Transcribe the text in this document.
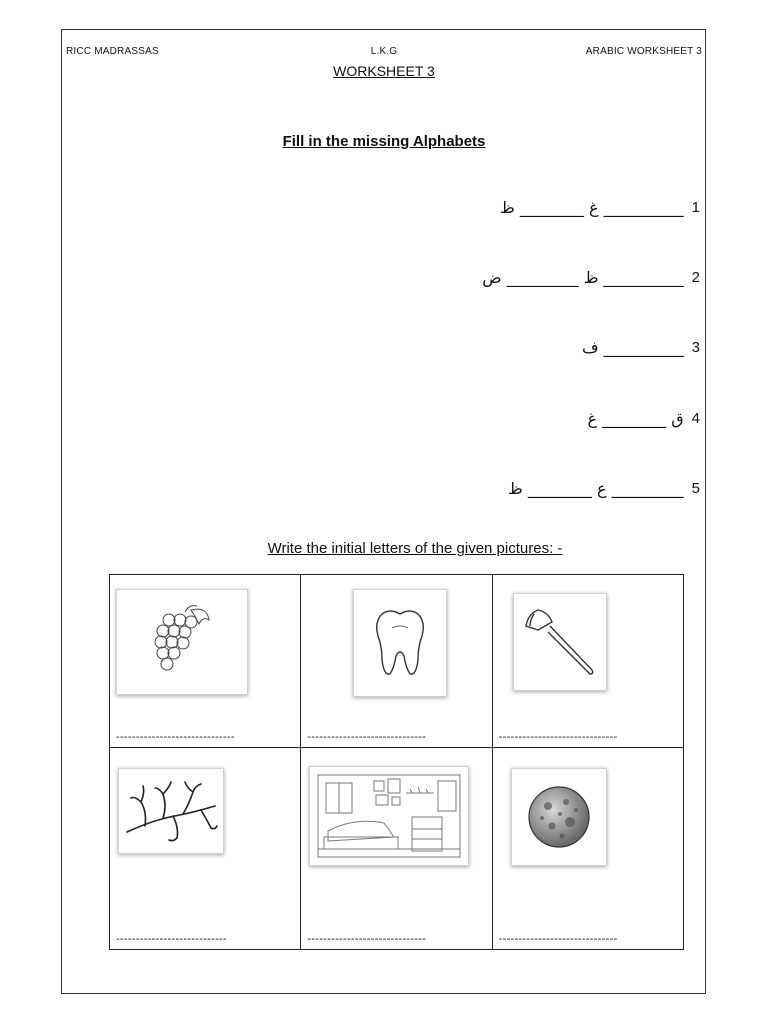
RICC MADRASSAS	L.K.G	ARABIC WORKSHEET 3
WORKSHEET 3
Fill in the missing Alphabets
غ ________ ظ __________ 1
ظ _________ ض __________ 2
ف __________ 3
ق ________ غ 4
ع ________ ظ _________ 5
Write the initial letters of the given pictures: -
------------------------------	------------------------------	------------------------------

----------------------------	------------------------------	------------------------------
